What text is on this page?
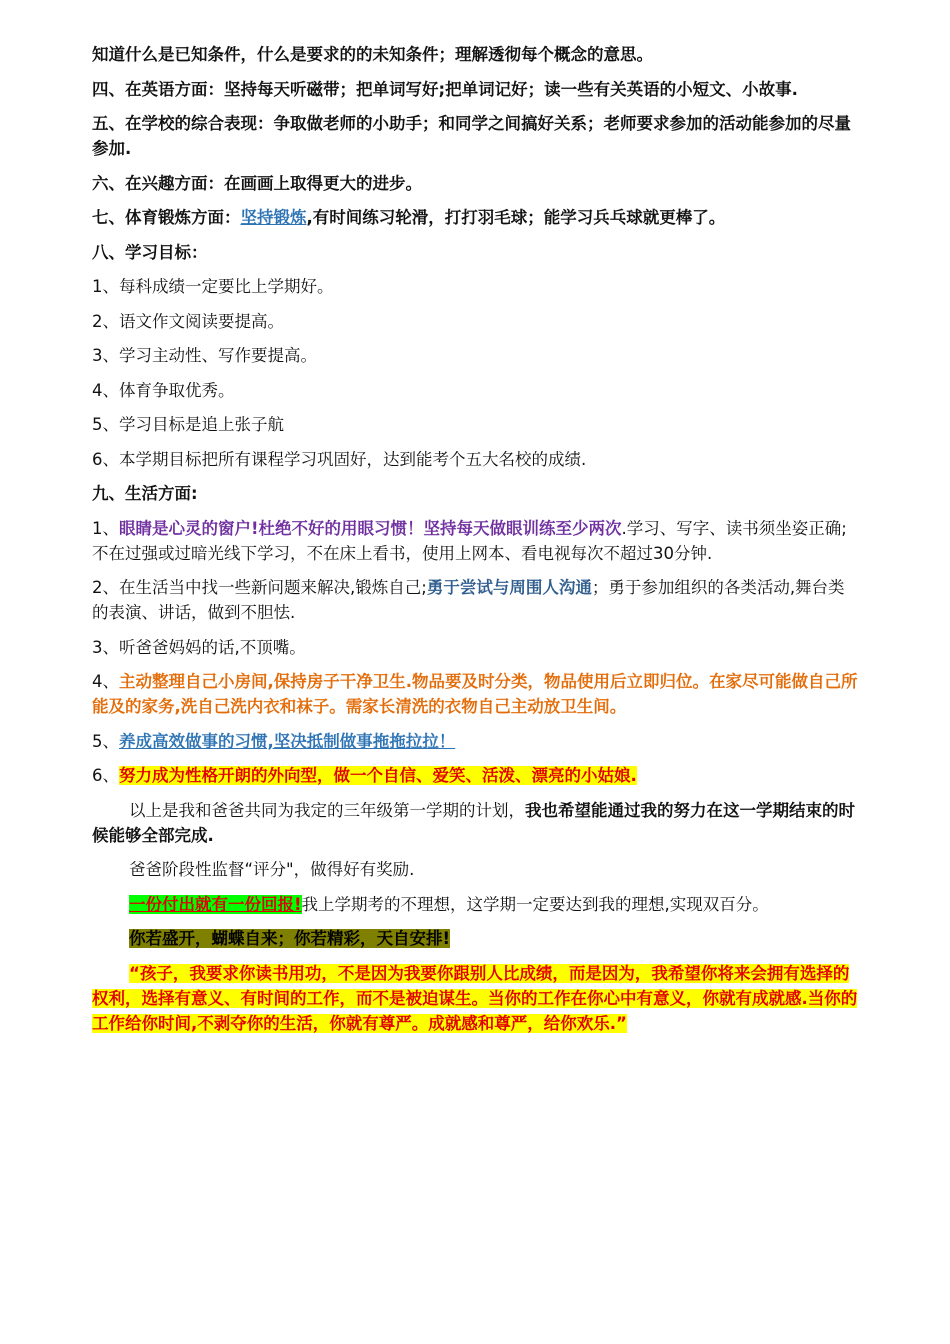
知道什么是已知条件，什么是要求的的未知条件；理解透彻每个概念的意思。

四、在英语方面：坚持每天听磁带；把单词写好;把单词记好；读一些有关英语的小短文、小故事.

五、在学校的综合表现：争取做老师的小助手；和同学之间搞好关系；老师要求参加的活动能参加的尽量参加.

六、在兴趣方面：在画画上取得更大的进步。

七、体育锻炼方面：坚持锻炼,有时间练习轮滑，打打羽毛球；能学习兵乓球就更棒了。

八、学习目标：

1、每科成绩一定要比上学期好。

2、语文作文阅读要提高。

3、学习主动性、写作要提高。

4、体育争取优秀。

5、学习目标是追上张子航

6、本学期目标把所有课程学习巩固好，达到能考个五大名校的成绩.

九、生活方面:

1、眼睛是心灵的窗户!杜绝不好的用眼习惯！坚持每天做眼训练至少两次.学习、写字、读书须坐姿正确;不在过强或过暗光线下学习，不在床上看书，使用上网本、看电视每次不超过30分钟.

2、在生活当中找一些新问题来解决,锻炼自己;勇于尝试与周围人沟通；勇于参加组织的各类活动,舞台类的表演、讲话，做到不胆怯.

3、听爸爸妈妈的话,不顶嘴。

4、主动整理自己小房间,保持房子干净卫生.物品要及时分类，物品使用后立即归位。在家尽可能做自己所能及的家务,洗自己洗内衣和袜子。需家长清洗的衣物自己主动放卫生间。

5、养成高效做事的习惯,坚决抵制做事拖拖拉拉！

6、努力成为性格开朗的外向型，做一个自信、爱笑、活泼、漂亮的小姑娘.

以上是我和爸爸共同为我定的三年级第一学期的计划，我也希望能通过我的努力在这一学期结束的时候能够全部完成.

爸爸阶段性监督“评分"，做得好有奖励.

一份付出就有一份回报!我上学期考的不理想，这学期一定要达到我的理想,实现双百分。

你若盛开，蝴蝶自来；你若精彩，天自安排!

“孩子，我要求你读书用功，不是因为我要你跟别人比成绩，而是因为，我希望你将来会拥有选择的权利，选择有意义、有时间的工作，而不是被迫谋生。当你的工作在你心中有意义，你就有成就感.当你的工作给你时间,不剥夺你的生活，你就有尊严。成就感和尊严，给你欢乐.”
